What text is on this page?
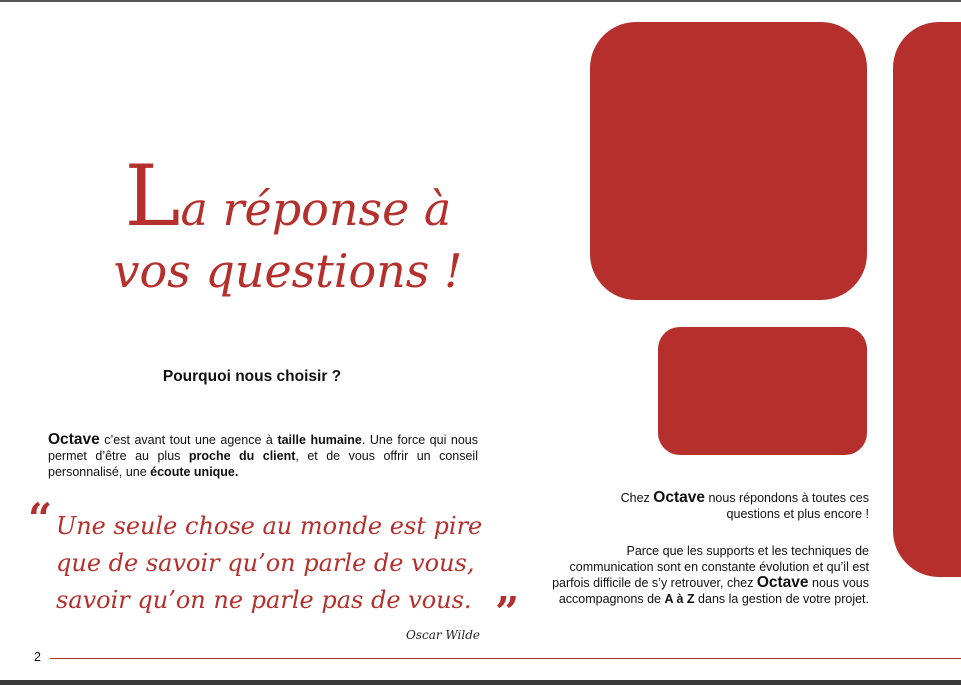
La réponse à
vos questions !
Pourquoi nous choisir ?

Octave c’est avant tout une agence à taille humaine. Une force qui nous permet d’être au plus proche du client, et de vous offrir un conseil personnalisé, une écoute unique.

“ Une seule chose au monde est pire
que de savoir qu’on parle de vous,
savoir qu’on ne parle pas de vous. ”
Oscar Wilde

Chez Octave nous répondons à toutes ces questions et plus encore !

Parce que les supports et les techniques de communication sont en constante évolution et qu’il est parfois difficile de s’y retrouver, chez Octave nous vous accompagnons de A à Z dans la gestion de votre projet.

2
